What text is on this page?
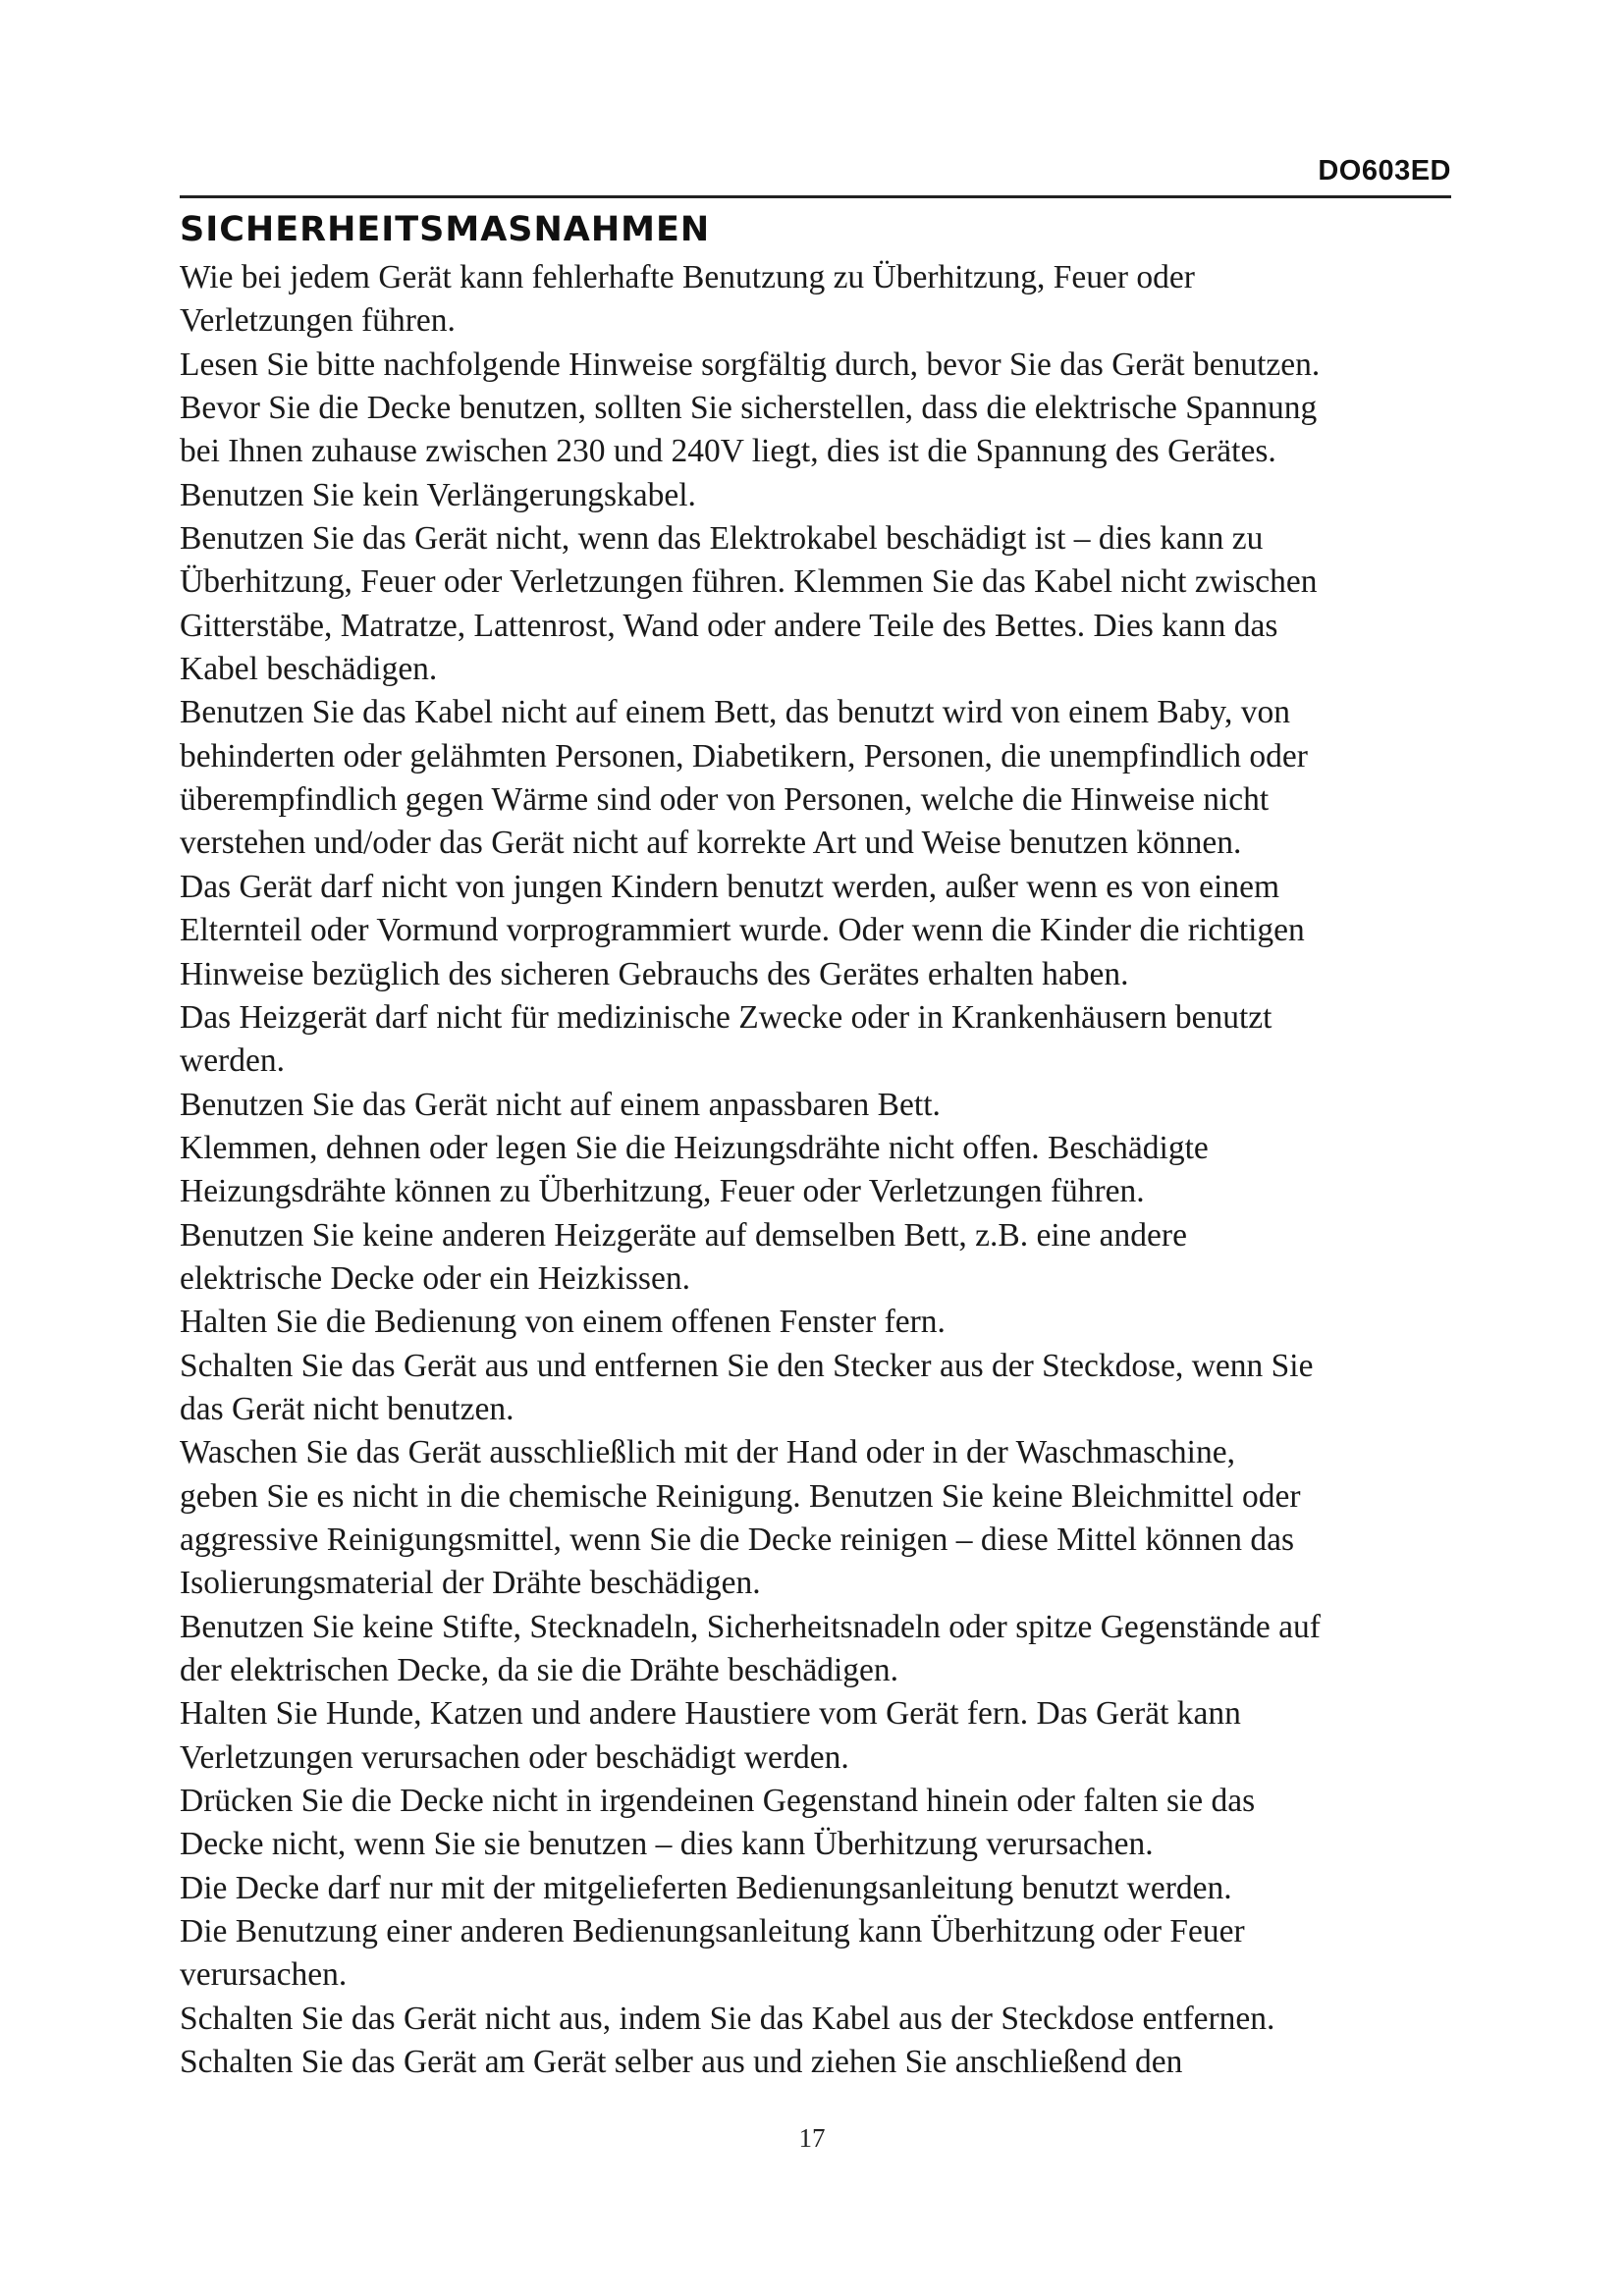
DO603ED
SICHERHEITSMASNAHMEN
Wie bei jedem Gerät kann fehlerhafte Benutzung zu Überhitzung, Feuer oder
Verletzungen führen.
Lesen Sie bitte nachfolgende Hinweise sorgfältig durch, bevor Sie das Gerät benutzen.
Bevor Sie die Decke benutzen, sollten Sie sicherstellen, dass die elektrische Spannung
bei Ihnen zuhause zwischen 230 und 240V liegt, dies ist die Spannung des Gerätes.
Benutzen Sie kein Verlängerungskabel.
Benutzen Sie das Gerät nicht, wenn das Elektrokabel beschädigt ist – dies kann zu
Überhitzung, Feuer oder Verletzungen führen. Klemmen Sie das Kabel nicht zwischen
Gitterstäbe, Matratze, Lattenrost, Wand oder andere Teile des Bettes. Dies kann das
Kabel beschädigen.
Benutzen Sie das Kabel nicht auf einem Bett, das benutzt wird von einem Baby, von
behinderten oder gelähmten Personen, Diabetikern, Personen, die unempfindlich oder
überempfindlich gegen Wärme sind oder von Personen, welche die Hinweise nicht
verstehen und/oder das Gerät nicht auf korrekte Art und Weise benutzen können.
Das Gerät darf nicht von jungen Kindern benutzt werden, außer wenn es von einem
Elternteil oder Vormund vorprogrammiert wurde. Oder wenn die Kinder die richtigen
Hinweise bezüglich des sicheren Gebrauchs des Gerätes erhalten haben.
Das Heizgerät darf nicht für medizinische Zwecke oder in Krankenhäusern benutzt
werden.
Benutzen Sie das Gerät nicht auf einem anpassbaren Bett.
Klemmen, dehnen oder legen Sie die Heizungsdrähte nicht offen. Beschädigte
Heizungsdrähte können zu Überhitzung, Feuer oder Verletzungen führen.
Benutzen Sie keine anderen Heizgeräte auf demselben Bett, z.B. eine andere
elektrische Decke oder ein Heizkissen.
Halten Sie die Bedienung von einem offenen Fenster fern.
Schalten Sie das Gerät aus und entfernen Sie den Stecker aus der Steckdose, wenn Sie
das Gerät nicht benutzen.
Waschen Sie das Gerät ausschließlich mit der Hand oder in der Waschmaschine,
geben Sie es nicht in die chemische Reinigung. Benutzen Sie keine Bleichmittel oder
aggressive Reinigungsmittel, wenn Sie die Decke reinigen – diese Mittel können das
Isolierungsmaterial der Drähte beschädigen.
Benutzen Sie keine Stifte, Stecknadeln, Sicherheitsnadeln oder spitze Gegenstände auf
der elektrischen Decke, da sie die Drähte beschädigen.
Halten Sie Hunde, Katzen und andere Haustiere vom Gerät fern. Das Gerät kann
Verletzungen verursachen oder beschädigt werden.
Drücken Sie die Decke nicht in irgendeinen Gegenstand hinein oder falten sie das
Decke nicht, wenn Sie sie benutzen – dies kann Überhitzung verursachen.
Die Decke darf nur mit der mitgelieferten Bedienungsanleitung benutzt werden.
Die Benutzung einer anderen Bedienungsanleitung kann Überhitzung oder Feuer
verursachen.
Schalten Sie das Gerät nicht aus, indem Sie das Kabel aus der Steckdose entfernen.
Schalten Sie das Gerät am Gerät selber aus und ziehen Sie anschließend den
17
